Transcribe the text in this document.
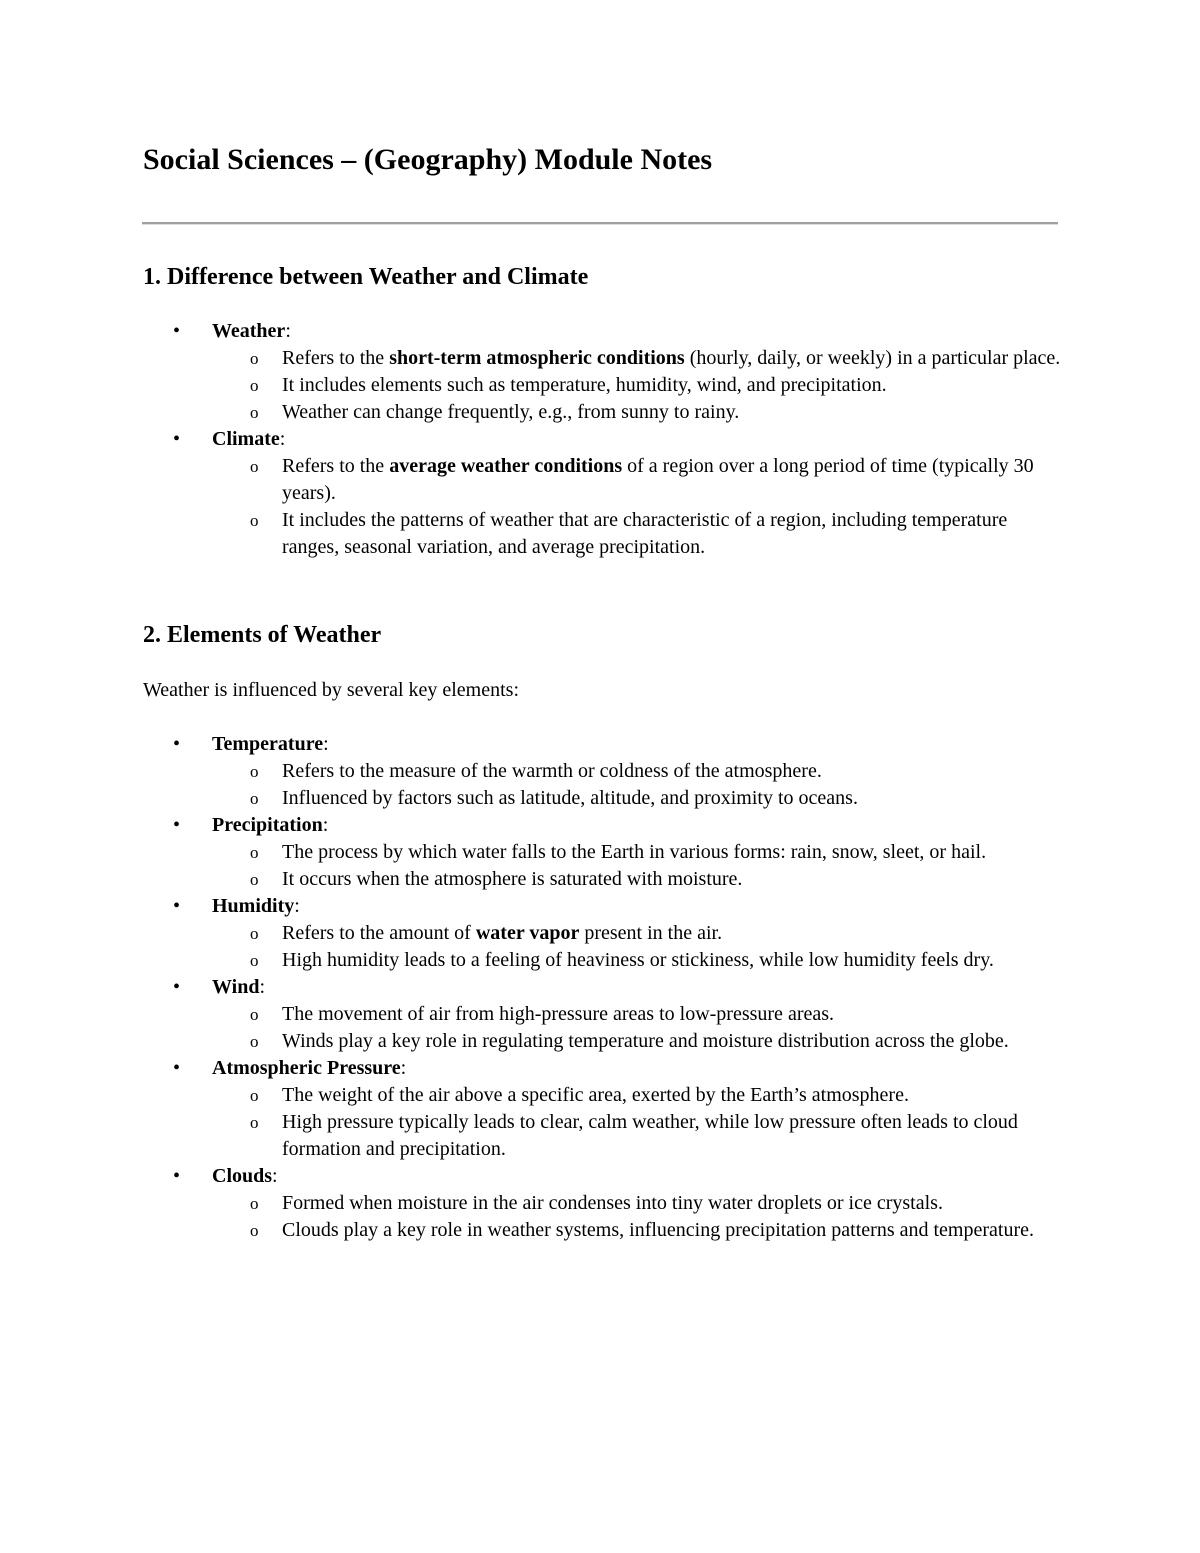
Social Sciences – (Geography) Module Notes
1. Difference between Weather and Climate
• Weather:
o Refers to the short-term atmospheric conditions (hourly, daily, or weekly) in a particular place.
o It includes elements such as temperature, humidity, wind, and precipitation.
o Weather can change frequently, e.g., from sunny to rainy.
• Climate:
o Refers to the average weather conditions of a region over a long period of time (typically 30 years).
o It includes the patterns of weather that are characteristic of a region, including temperature ranges, seasonal variation, and average precipitation.
2. Elements of Weather

Weather is influenced by several key elements:

• Temperature:
o Refers to the measure of the warmth or coldness of the atmosphere.
o Influenced by factors such as latitude, altitude, and proximity to oceans.
• Precipitation:
o The process by which water falls to the Earth in various forms: rain, snow, sleet, or hail.
o It occurs when the atmosphere is saturated with moisture.
• Humidity:
o Refers to the amount of water vapor present in the air.
o High humidity leads to a feeling of heaviness or stickiness, while low humidity feels dry.
• Wind:
o The movement of air from high-pressure areas to low-pressure areas.
o Winds play a key role in regulating temperature and moisture distribution across the globe.
• Atmospheric Pressure:
o The weight of the air above a specific area, exerted by the Earth’s atmosphere.
o High pressure typically leads to clear, calm weather, while low pressure often leads to cloud formation and precipitation.
• Clouds:
o Formed when moisture in the air condenses into tiny water droplets or ice crystals.
o Clouds play a key role in weather systems, influencing precipitation patterns and temperature.
